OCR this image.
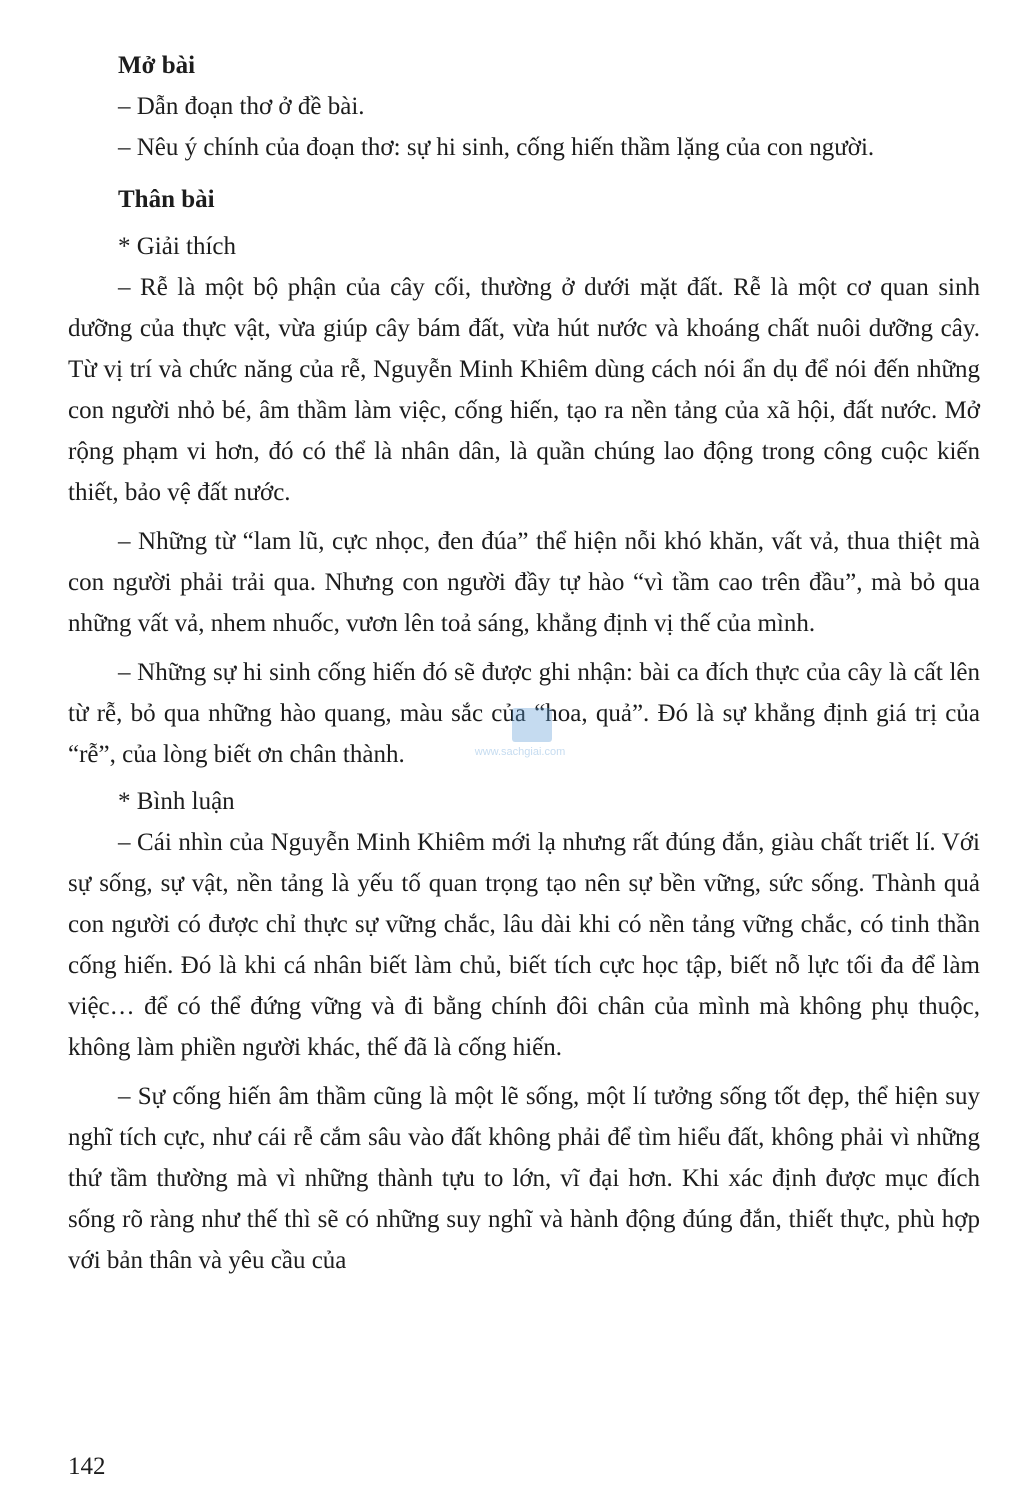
Mở bài

– Dẫn đoạn thơ ở đề bài.

– Nêu ý chính của đoạn thơ: sự hi sinh, cống hiến thầm lặng của con người.

Thân bài
* Giải thích

– Rễ là một bộ phận của cây cối, thường ở dưới mặt đất. Rễ là một cơ quan sinh dưỡng của thực vật, vừa giúp cây bám đất, vừa hút nước và khoáng chất nuôi dưỡng cây. Từ vị trí và chức năng của rễ, Nguyễn Minh Khiêm dùng cách nói ẩn dụ để nói đến những con người nhỏ bé, âm thầm làm việc, cống hiến, tạo ra nền tảng của xã hội, đất nước. Mở rộng phạm vi hơn, đó có thể là nhân dân, là quần chúng lao động trong công cuộc kiến thiết, bảo vệ đất nước.

– Những từ “lam lũ, cực nhọc, đen đúa” thể hiện nỗi khó khăn, vất vả, thua thiệt mà con người phải trải qua. Nhưng con người đầy tự hào “vì tầm cao trên đầu”, mà bỏ qua những vất vả, nhem nhuốc, vươn lên toả sáng, khẳng định vị thế của mình.

– Những sự hi sinh cống hiến đó sẽ được ghi nhận: bài ca đích thực của cây là cất lên từ rễ, bỏ qua những hào quang, màu sắc của “hoa, quả”. Đó là sự khẳng định giá trị của “rễ”, của lòng biết ơn chân thành.

* Bình luận

– Cái nhìn của Nguyễn Minh Khiêm mới lạ nhưng rất đúng đắn, giàu chất triết lí. Với sự sống, sự vật, nền tảng là yếu tố quan trọng tạo nên sự bền vững, sức sống. Thành quả con người có được chỉ thực sự vững chắc, lâu dài khi có nền tảng vững chắc, có tinh thần cống hiến. Đó là khi cá nhân biết làm chủ, biết tích cực học tập, biết nỗ lực tối đa để làm việc… để có thể đứng vững và đi bằng chính đôi chân của mình mà không phụ thuộc, không làm phiền người khác, thế đã là cống hiến.

– Sự cống hiến âm thầm cũng là một lẽ sống, một lí tưởng sống tốt đẹp, thể hiện suy nghĩ tích cực, như cái rễ cắm sâu vào đất không phải để tìm hiểu đất, không phải vì những thứ tầm thường mà vì những thành tựu to lớn, vĩ đại hơn. Khi xác định được mục đích sống rõ ràng như thế thì sẽ có những suy nghĩ và hành động đúng đắn, thiết thực, phù hợp với bản thân và yêu cầu của

www.sachgiai.com
142
